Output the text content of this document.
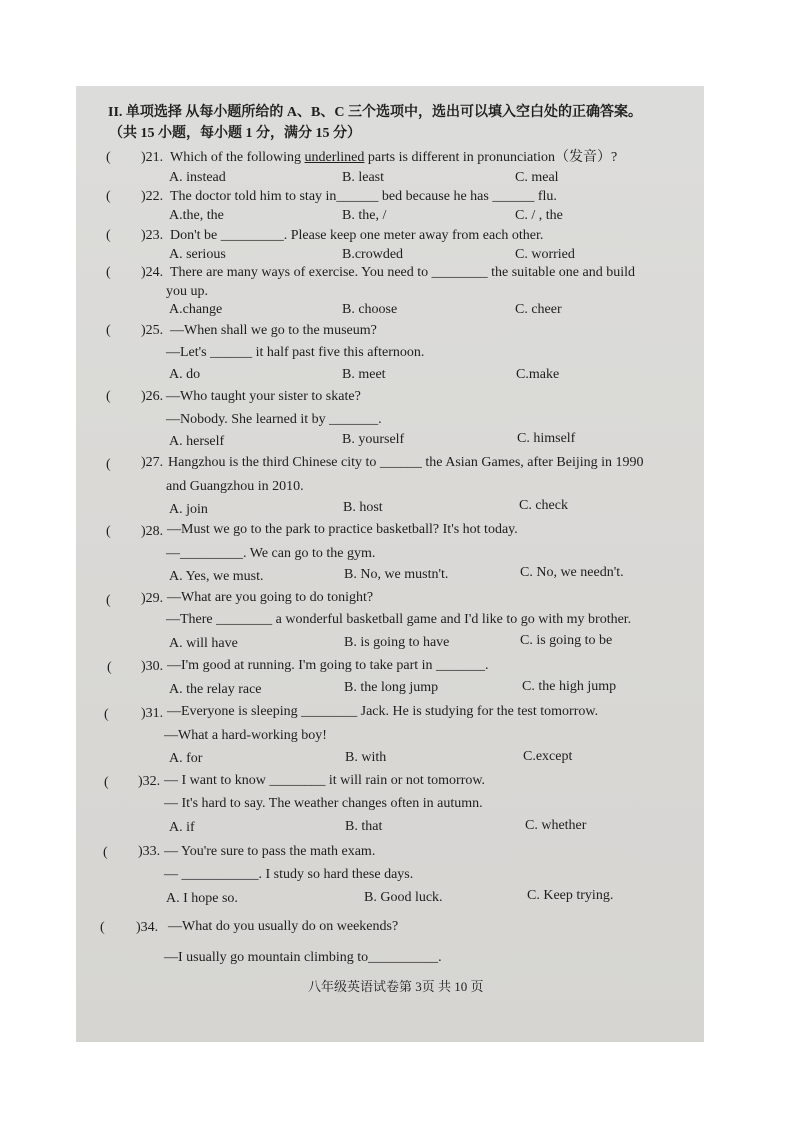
II. 单项选择 从每小题所给的 A、B、C 三个选项中，选出可以填入空白处的正确答案。
（共 15 小题，每小题 1 分，满分 15 分）
( )21. Which of the following underlined parts is different in pronunciation（发音）?
A. instead	B. least	C. meal
( )22. The doctor told him to stay in______ bed because he has ______ flu.
A.the, the	B. the, /	C. / , the
( )23. Don't be _________. Please keep one meter away from each other.
A. serious	B.crowded	C. worried
( )24. There are many ways of exercise. You need to ________ the suitable one and build
you up.
A.change	B. choose	C. cheer
( )25. —When shall we go to the museum?
—Let's ______ it half past five this afternoon.
A. do	B. meet	C.make
( )26. —Who taught your sister to skate?
—Nobody. She learned it by _______.
A. herself	B. yourself	C. himself
( )27. Hangzhou is the third Chinese city to ______ the Asian Games, after Beijing in 1990
and Guangzhou in 2010.
A. join	B. host	C. check
( )28. —Must we go to the park to practice basketball? It's hot today.
—_________. We can go to the gym.
A. Yes, we must.	B. No, we mustn't.	C. No, we needn't.
( )29. —What are you going to do tonight?
—There ________ a wonderful basketball game and I'd like to go with my brother.
A. will have	B. is going to have	C. is going to be
( )30. —I'm good at running. I'm going to take part in _______.
A. the relay race	B. the long jump	C. the high jump
( )31. —Everyone is sleeping ________ Jack. He is studying for the test tomorrow.
—What a hard-working boy!
A. for	B. with	C.except
( )32. — I want to know ________ it will rain or not tomorrow.
— It's hard to say. The weather changes often in autumn.
A. if	B. that	C. whether
( )33. — You're sure to pass the math exam.
— ___________. I study so hard these days.
A. I hope so.	B. Good luck.	C. Keep trying.
( )34. —What do you usually do on weekends?
—I usually go mountain climbing to__________.
八年级英语试卷第 3页 共 10 页
